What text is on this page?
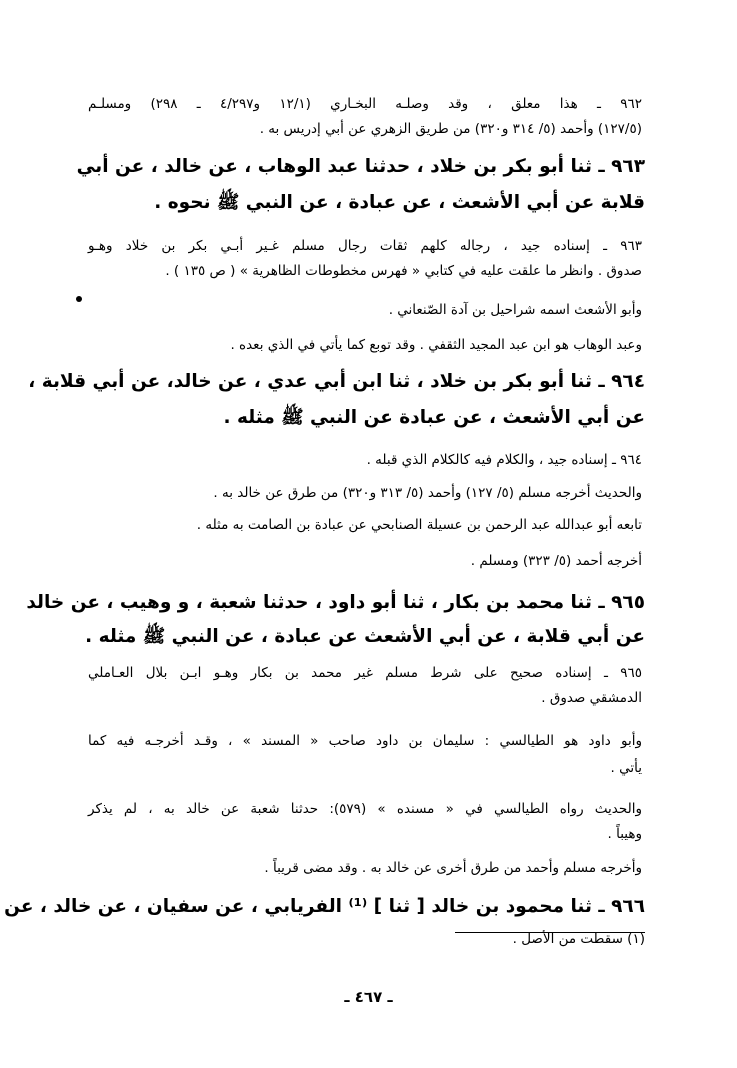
٩٦٢ ـ هذا معلق ، وقد وصلـه البخـاري (١٢/١ و٤/٢٩٧ ـ ٢٩٨) ومسلـم
(١٢٧/٥) وأحمد (٥/ ٣١٤ و٣٢٠) من طريق الزهري عن أبي إدريس به .
٩٦٣ ـ ثنا أبو بكر بن خلاد ، حدثنا عبد الوهاب ، عن خالد ، عن أبي
قلابة عن أبي الأشعث ، عن عبادة ، عن النبي ﷺ نحوه .
٩٦٣ ـ إسناده جيد ، رجاله كلهم ثقات رجال مسلم غـير أبـي بكر بن خلاد وهـو
صدوق . وانظر ما علقت عليه في كتابي « فهرس مخطوطات الظاهرية » ( ص ١٣٥ ) .
وأبو الأشعث اسمه شراحيل بن آدة الصّنعاني .
وعبد الوهاب هو ابن عبد المجيد الثقفي . وقد توبع كما يأتي في الذي بعده .
٩٦٤ ـ ثنا أبو بكر بن خلاد ، ثنا ابن أبي عدي ، عن خالد، عن أبي قلابة ،
عن أبي الأشعث ، عن عبادة عن النبي ﷺ مثله .
٩٦٤ ـ إسناده جيد ، والكلام فيه كالكلام الذي قبله .
والحديث أخرجه مسلم (٥/ ١٢٧) وأحمد (٥/ ٣١٣ و٣٢٠) من طرق عن خالد به .
تابعه أبو عبدالله عبد الرحمن بن عسيلة الصنابحي عن عبادة بن الصامت به مثله .
أخرجه أحمد (٥/ ٣٢٣) ومسلم .
٩٦٥ ـ ثنا محمد بن بكار ، ثنا أبو داود ، حدثنا شعبة ، و وهيب ، عن خالد
عن أبي قلابة ، عن أبي الأشعث عن عبادة ، عن النبي ﷺ مثله .
٩٦٥ ـ إسناده صحيح على شرط مسلم غير محمد بن بكار وهـو ابـن بلال العـاملي
الدمشقي صدوق .
وأبو داود هو الطيالسي : سليمان بن داود صاحب « المسند » ، وقـد أخرجـه فيه كما
يأتي .
والحديث رواه الطيالسي في « مسنده » (٥٧٩): حدثنا شعبة عن خالد به ، لم يذكر
وهيباً .
وأخرجه مسلم وأحمد من طرق أخرى عن خالد به . وقد مضى قريباً .
٩٦٦ ـ ثنا محمود بن خالد [ ثنا ] ⁽¹⁾ الفريابي ، عن سفيان ، عن خالد ، عن
(١) سقطت من الأصل .
ـ ٤٦٧ ـ
